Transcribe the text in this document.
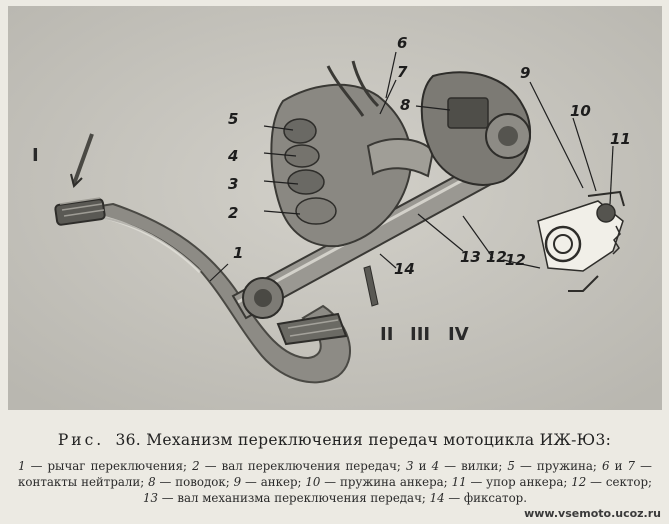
1
2
3
4
5
6
7
8
9
10
11
12
13
14	12
I
II III IV
Рис. 36. Механизм переключения передач мотоцикла ИЖ-Ю3:
1 — рычаг переключения; 2 — вал переключения передач; 3 и 4 — вилки; 5 — пружина; 6 и 7 — контакты нейтрали; 8 — поводок; 9 — анкер; 10 — пружина анкера; 11 — упор анкера; 12 — сектор; 13 — вал механизма переключения передач; 14 — фиксатор.
www.vsemoto.ucoz.ru
